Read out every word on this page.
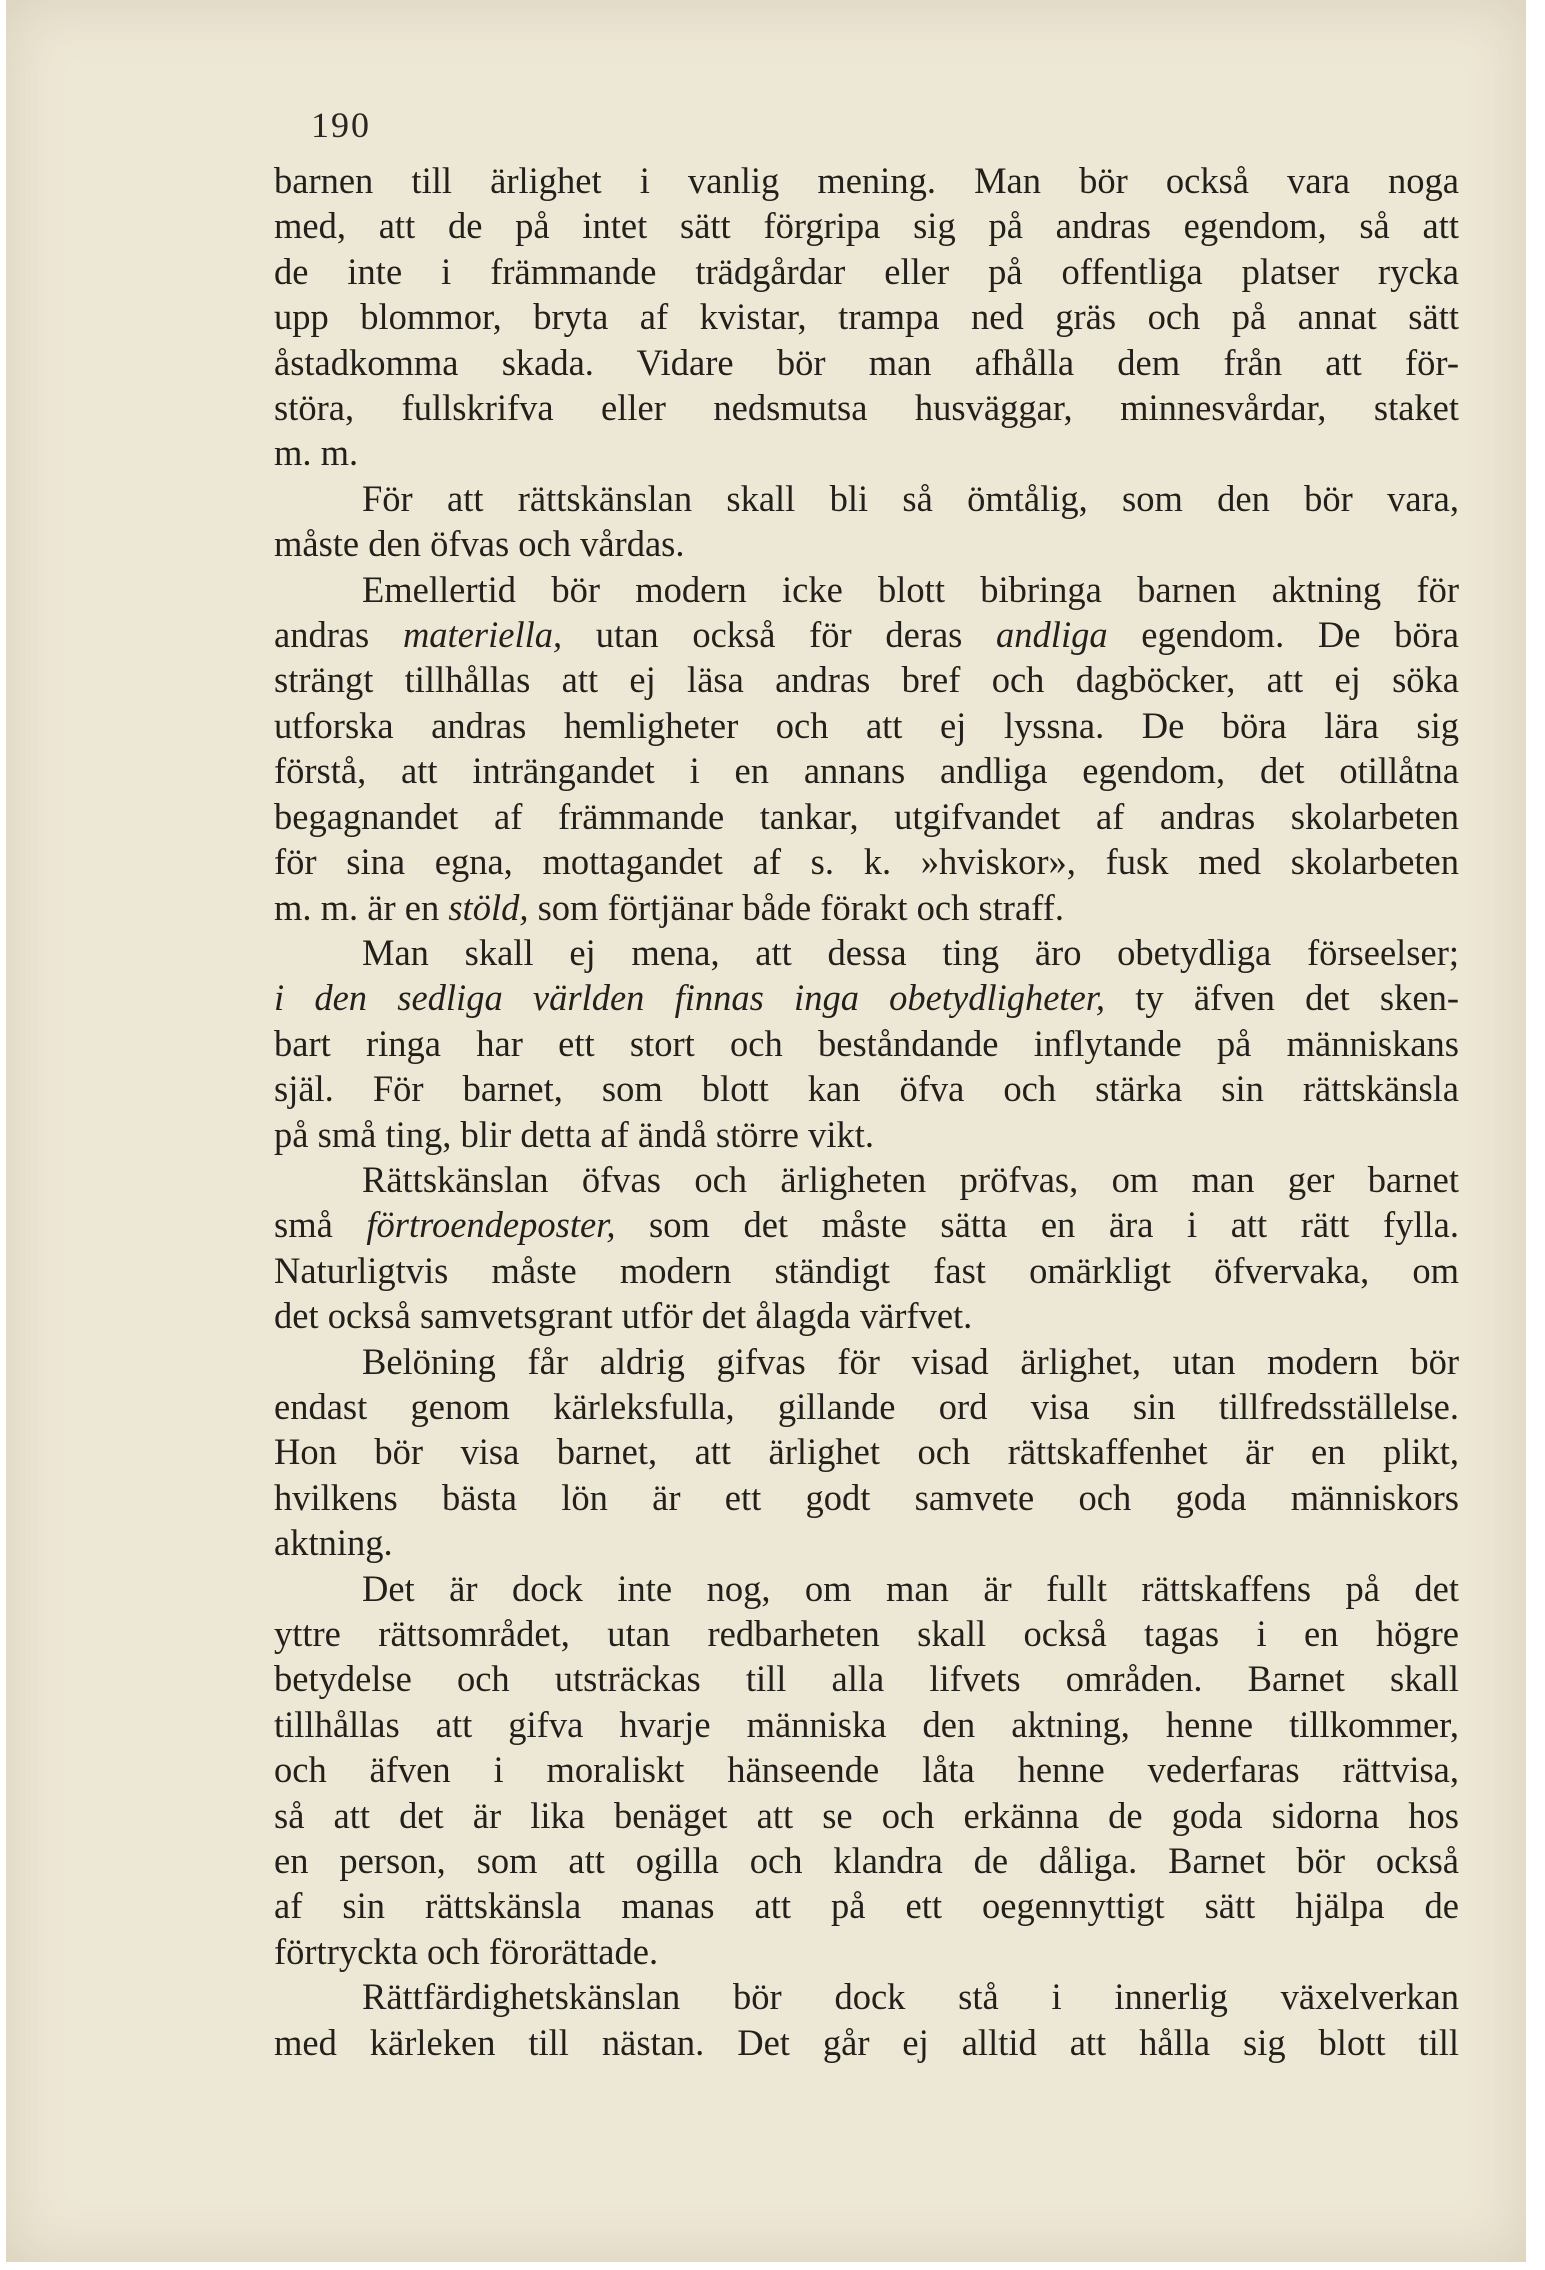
190
barnen till ärlighet i vanlig mening. Man bör också vara noga
med, att de på intet sätt förgripa sig på andras egendom, så att
de inte i främmande trädgårdar eller på offentliga platser rycka
upp blommor, bryta af kvistar, trampa ned gräs och på annat sätt
åstadkomma skada. Vidare bör man afhålla dem från att för-
störa, fullskrifva eller nedsmutsa husväggar, minnesvårdar, staket
m. m.
För att rättskänslan skall bli så ömtålig, som den bör vara,
måste den öfvas och vårdas.
Emellertid bör modern icke blott bibringa barnen aktning för
andras materiella, utan också för deras andliga egendom. De böra
strängt tillhållas att ej läsa andras bref och dagböcker, att ej söka
utforska andras hemligheter och att ej lyssna. De böra lära sig
förstå, att inträngandet i en annans andliga egendom, det otillåtna
begagnandet af främmande tankar, utgifvandet af andras skolarbeten
för sina egna, mottagandet af s. k. »hviskor», fusk med skolarbeten
m. m. är en stöld, som förtjänar både förakt och straff.
Man skall ej mena, att dessa ting äro obetydliga förseelser;
i den sedliga världen finnas inga obetydligheter, ty äfven det sken-
bart ringa har ett stort och beståndande inflytande på människans
själ. För barnet, som blott kan öfva och stärka sin rättskänsla
på små ting, blir detta af ändå större vikt.
Rättskänslan öfvas och ärligheten pröfvas, om man ger barnet
små förtroendeposter, som det måste sätta en ära i att rätt fylla.
Naturligtvis måste modern ständigt fast omärkligt öfvervaka, om
det också samvetsgrant utför det ålagda värfvet.
Belöning får aldrig gifvas för visad ärlighet, utan modern bör
endast genom kärleksfulla, gillande ord visa sin tillfredsställelse.
Hon bör visa barnet, att ärlighet och rättskaffenhet är en plikt,
hvilkens bästa lön är ett godt samvete och goda människors
aktning.
Det är dock inte nog, om man är fullt rättskaffens på det
yttre rättsområdet, utan redbarheten skall också tagas i en högre
betydelse och utsträckas till alla lifvets områden. Barnet skall
tillhållas att gifva hvarje människa den aktning, henne tillkommer,
och äfven i moraliskt hänseende låta henne vederfaras rättvisa,
så att det är lika benäget att se och erkänna de goda sidorna hos
en person, som att ogilla och klandra de dåliga. Barnet bör också
af sin rättskänsla manas att på ett oegennyttigt sätt hjälpa de
förtryckta och förorättade.
Rättfärdighetskänslan bör dock stå i innerlig växelverkan
med kärleken till nästan. Det går ej alltid att hålla sig blott till
